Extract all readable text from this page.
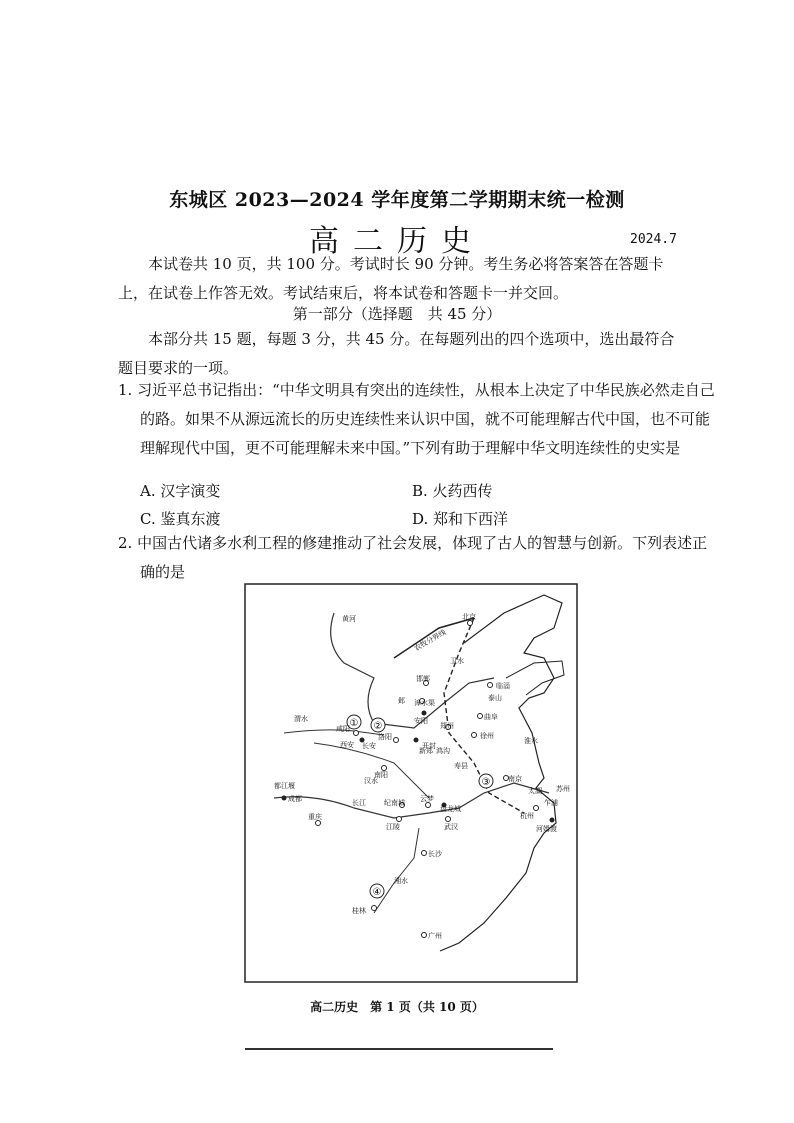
东城区 2023—2024 学年度第二学期期末统一检测
高二历史	2024.7
本试卷共 10 页，共 100 分。考试时长 90 分钟。考生务必将答案答在答题卡上，在试卷上作答无效。考试结束后，将本试卷和答题卡一并交回。
第一部分（选择题　共 45 分）
本部分共 15 题，每题 3 分，共 45 分。在每题列出的四个选项中，选出最符合题目要求的一项。
1. 习近平总书记指出：“中华文明具有突出的连续性，从根本上决定了中华民族必然走自己的路。如果不从源远流长的历史连续性来认识中国，就不可能理解古代中国，也不可能理解现代中国，更不可能理解未来中国。”下列有助于理解中华文明连续性的史实是
A. 汉字演变	B. 火药西传
C. 鉴真东渡	D. 郑和下西洋
2. 中国古代诸多水利工程的修建推动了社会发展，体现了古人的智慧与创新。下列表述正确的是
① ②
③
④
北京
临淄
泰山
曲阜
邯郸
邺 漳水渠
安阳
郑州
徐州
开封
洛阳
新郑
咸阳
西安 长安
南阳
寿县
淮水
南京
太湖 苏州
杭州
河姆渡
都江堰
成都
重庆
纪南城 云梦
盘龙城
江陵	武汉
长沙
桂林
广州
乍浦
黄河
渭水
汉水
长江
湘水
卫水
鸿沟
农牧分界线
高二历史　第 1 页（共 10 页）
